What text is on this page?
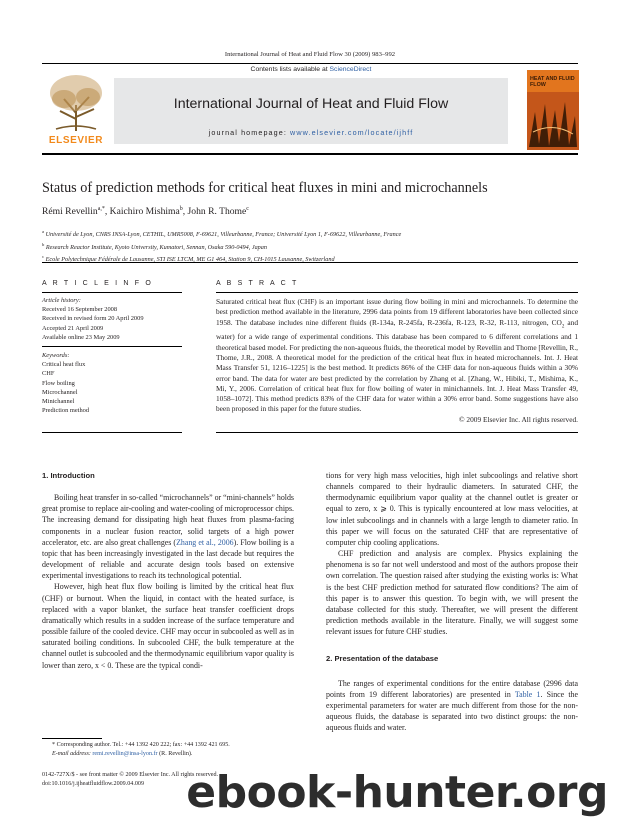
International Journal of Heat and Fluid Flow 30 (2009) 983–992
ELSEVIER
Contents lists available at ScienceDirect
International Journal of Heat and Fluid Flow
journal homepage: www.elsevier.com/locate/ijhff
HEAT AND FLUID FLOW
Status of prediction methods for critical heat fluxes in mini and microchannels
Rémi Revellin$^{a,*}$, Kaichiro Mishima$^b$, John R. Thome$^c$
$^a$ Université de Lyon, CNRS INSA-Lyon, CETHIL, UMR5008, F-69621, Villeurbanne, France; Université Lyon 1, F-69622, Villeurbanne, France
$^b$ Research Reactor Institute, Kyoto University, Kumatori, Sennan, Osaka 590-0494, Japan
$^c$ Ecole Polytechnique Fédérale de Lausanne, STI ISE LTCM, ME G1 464, Station 9, CH-1015 Lausanne, Switzerland
A R T I C L E I N F O
Article history:
Received 16 September 2008
Received in revised form 20 April 2009
Accepted 21 April 2009
Available online 23 May 2009
Keywords:
Critical heat flux
CHF
Flow boiling
Microchannel
Minichannel
Prediction method
A B S T R A C T
Saturated critical heat flux (CHF) is an important issue during flow boiling in mini and microchannels. To determine the best prediction method available in the literature, 2996 data points from 19 different laboratories have been collected since 1958. The database includes nine different fluids (R-134a, R-245fa, R-236fa, R-123, R-32, R-113, nitrogen, $CO_2$ and water) for a wide range of experimental conditions. This database has been compared to 6 different correlations and 1 theoretical based model. For predicting the non-aqueous fluids, the theoretical model by Revellin and Thome [Revellin, R., Thome, J.R., 2008. A theoretical model for the prediction of the critical heat flux in heated microchannels. Int. J. Heat Mass Transfer 51, 1216–1225] is the best method. It predicts 86% of the CHF data for non-aqueous fluids within a 30% error band. The data for water are best predicted by the correlation by Zhang et al. [Zhang, W., Hibiki, T., Mishima, K., Mi, Y., 2006. Correlation of critical heat flux for flow boiling of water in minichannels. Int. J. Heat Mass Transfer 49, 1058–1072]. This method predicts 83% of the CHF data for water within a 30% error band. Some suggestions have also been proposed in this paper for the future studies.
© 2009 Elsevier Inc. All rights reserved.
1. Introduction

Boiling heat transfer in so-called “microchannels” or “mini-channels” holds great promise to replace air-cooling and water-cooling of microprocessor chips. The increasing demand for dissipating high heat fluxes from plasma-facing components in a nuclear fusion reactor, solid targets of a high power accelerator, etc. are also great challenges (Zhang et al., 2006). Flow boiling is a topic that has been increasingly investigated in the last decade but requires the development of reliable and accurate design tools based on extensive experimental investigations to reach its technological potential.

However, high heat flux flow boiling is limited by the critical heat flux (CHF) or burnout. When the liquid, in contact with the heated surface, is replaced with a vapor blanket, the surface heat transfer coefficient drops dramatically which results in a sudden increase of the surface temperature and possible failure of the cooled device. CHF may occur in subcooled as well as in saturated boiling conditions. In subcooled CHF, the bulk temperature at the channel outlet is subcooled and the thermodynamic equilibrium vapor quality is lower than zero, x < 0. These are the typical condi-

tions for very high mass velocities, high inlet subcoolings and relative short channels compared to their hydraulic diameters. In saturated CHF, the thermodynamic equilibrium vapor quality at the channel outlet is greater or equal to zero, x ⩾ 0. This is typically encountered at low mass velocities, at low inlet subcoolings and in channels with a large length to diameter ratio. In this paper we will focus on the saturated CHF that are representative of computer chip cooling applications.

CHF prediction and analysis are complex. Physics explaining the phenomena is so far not well understood and most of the authors propose their own correlation. The question raised after studying the existing works is: What is the best CHF prediction method for saturated flow conditions? The aim of this paper is to answer this question. To begin with, we will present the database collected for this study. Thereafter, we will present the different prediction methods available in the literature. Finally, we will suggest some relevant issues for future CHF studies.

2. Presentation of the database

The ranges of experimental conditions for the entire database (2996 data points from 19 different laboratories) are presented in Table 1. Since the experimental parameters for water are much different from those for the non-aqueous fluids, the database is separated into two distinct groups: the non-aqueous fluids and water.

* Corresponding author. Tel.: +44 1392 420 222; fax: +44 1392 421 695.
E-mail address: remi.revellin@insa-lyon.fr (R. Revellin).
0142-727X/$ - see front matter © 2009 Elsevier Inc. All rights reserved.
doi:10.1016/j.ijheatfluidflow.2009.04.009 ebook-hunter.org
